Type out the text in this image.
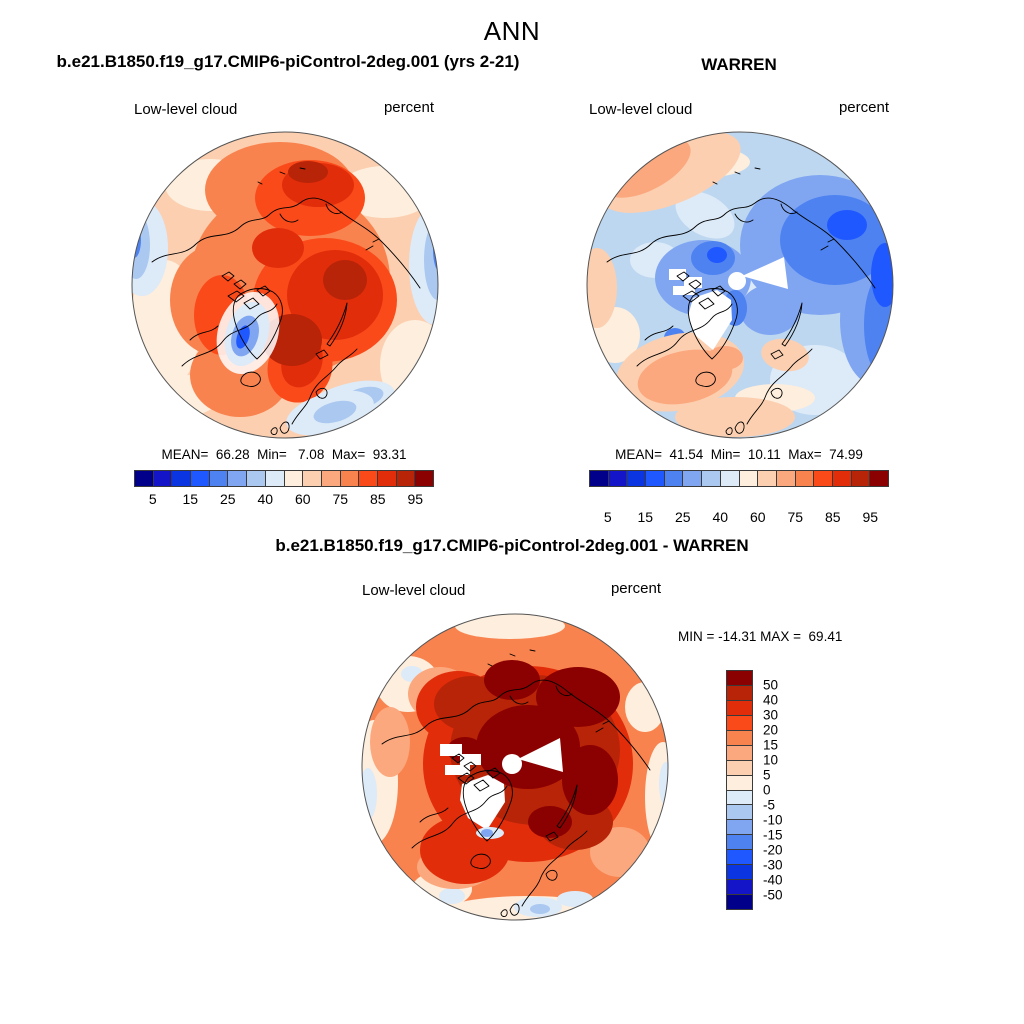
ANN
b.e21.B1850.f19_g17.CMIP6-piControl-2deg.001 (yrs 2-21)	WARREN
Low-level cloud	percent	Low-level cloud	percent
MEAN=  66.28  Min=   7.08  Max=  93.31	MEAN=  41.54  Min=  10.11  Max=  74.99
5 15 25 40 60 75 85 95
5 15 25 40 60 75 85 95
b.e21.B1850.f19_g17.CMIP6-piControl-2deg.001 - WARREN
Low-level cloud	percent
MIN = -14.31 MAX =  69.41
50
40
30
20
15
10
5
0
-5
-10
-15
-20
-30
-40
-50
